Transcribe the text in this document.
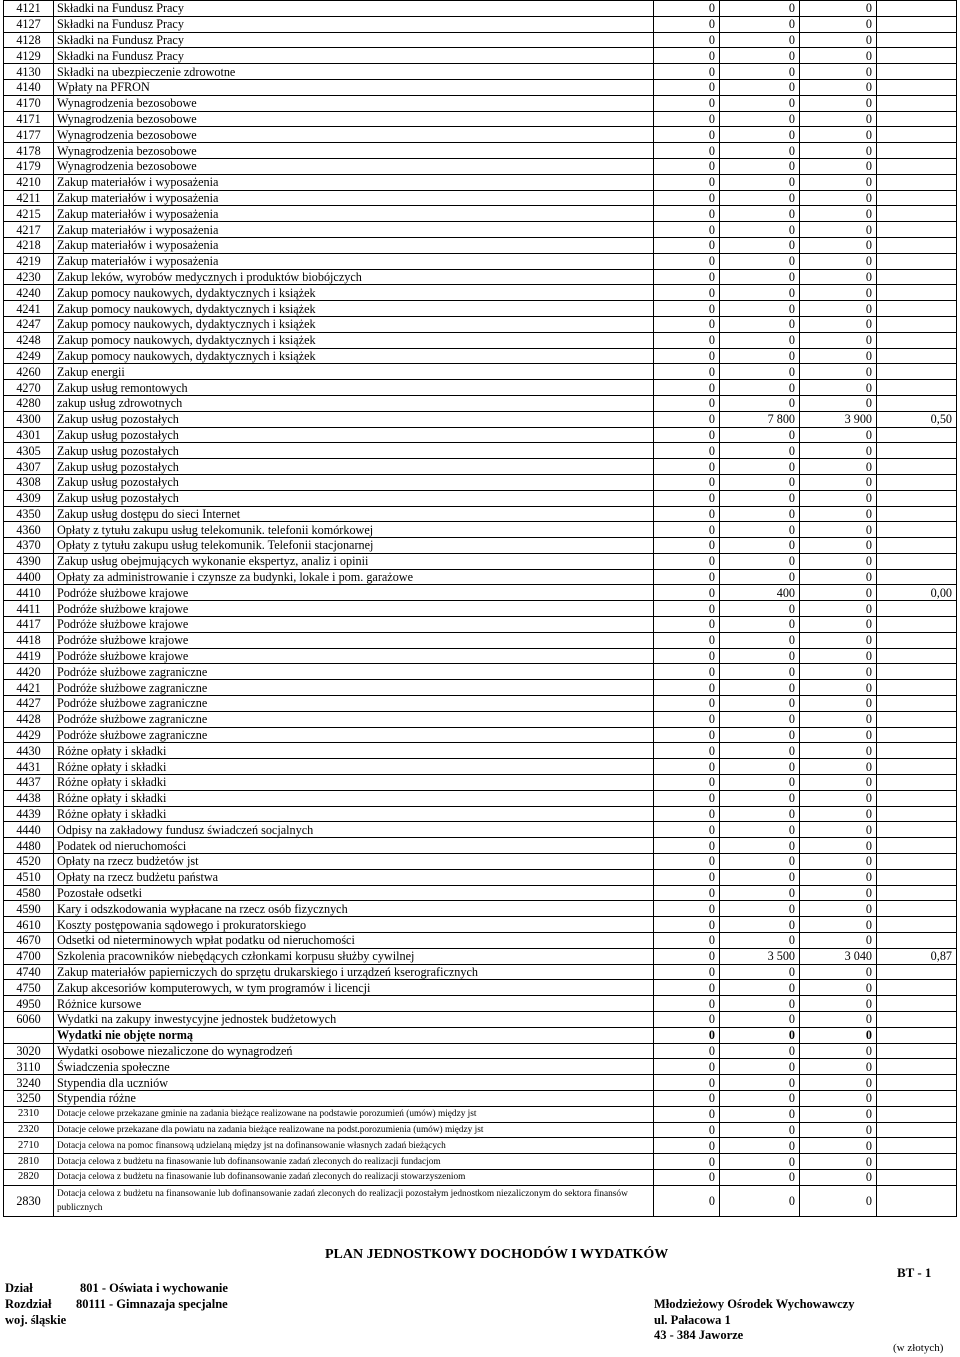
4121	Składki na Fundusz Pracy	0	0	0	
4127	Składki na Fundusz Pracy	0	0	0	
4128	Składki na Fundusz Pracy	0	0	0	
4129	Składki na Fundusz Pracy	0	0	0	
4130	Składki na ubezpieczenie zdrowotne	0	0	0	
4140	Wpłaty na PFRON	0	0	0	
4170	Wynagrodzenia bezosobowe	0	0	0	
4171	Wynagrodzenia bezosobowe	0	0	0	
4177	Wynagrodzenia bezosobowe	0	0	0	
4178	Wynagrodzenia bezosobowe	0	0	0	
4179	Wynagrodzenia bezosobowe	0	0	0	
4210	Zakup materiałów i wyposażenia	0	0	0	
4211	Zakup materiałów i wyposażenia	0	0	0	
4215	Zakup materiałów i wyposażenia	0	0	0	
4217	Zakup materiałów i wyposażenia	0	0	0	
4218	Zakup materiałów i wyposażenia	0	0	0	
4219	Zakup materiałów i wyposażenia	0	0	0	
4230	Zakup leków, wyrobów medycznych i produktów biobójczych	0	0	0	
4240	Zakup pomocy naukowych, dydaktycznych i książek	0	0	0	
4241	Zakup pomocy naukowych, dydaktycznych i książek	0	0	0	
4247	Zakup pomocy naukowych, dydaktycznych i książek	0	0	0	
4248	Zakup pomocy naukowych, dydaktycznych i książek	0	0	0	
4249	Zakup pomocy naukowych, dydaktycznych i książek	0	0	0	
4260	Zakup energii	0	0	0	
4270	Zakup usług remontowych	0	0	0	
4280	zakup usług zdrowotnych	0	0	0	
4300	Zakup usług pozostałych	0	7 800	3 900	0,50
4301	Zakup usług pozostałych	0	0	0	
4305	Zakup usług pozostałych	0	0	0	
4307	Zakup usług pozostałych	0	0	0	
4308	Zakup usług pozostałych	0	0	0	
4309	Zakup usług pozostałych	0	0	0	
4350	Zakup usług dostępu do sieci Internet	0	0	0	
4360	Opłaty z tytułu zakupu usług telekomunik. telefonii komórkowej	0	0	0	
4370	Opłaty z tytułu zakupu usług telekomunik. Telefonii stacjonarnej	0	0	0	
4390	Zakup usług obejmujących wykonanie ekspertyz, analiz i opinii	0	0	0	
4400	Opłaty za administrowanie i czynsze za budynki, lokale i pom. garażowe	0	0	0	
4410	Podróże służbowe krajowe	0	400	0	0,00
4411	Podróże służbowe krajowe	0	0	0	
4417	Podróże służbowe krajowe	0	0	0	
4418	Podróże służbowe krajowe	0	0	0	
4419	Podróże służbowe krajowe	0	0	0	
4420	Podróże służbowe zagraniczne	0	0	0	
4421	Podróże służbowe zagraniczne	0	0	0	
4427	Podróże służbowe zagraniczne	0	0	0	
4428	Podróże służbowe zagraniczne	0	0	0	
4429	Podróże służbowe zagraniczne	0	0	0	
4430	Różne opłaty i składki	0	0	0	
4431	Różne opłaty i składki	0	0	0	
4437	Różne opłaty i składki	0	0	0	
4438	Różne opłaty i składki	0	0	0	
4439	Różne opłaty i składki	0	0	0	
4440	Odpisy na zakładowy fundusz świadczeń socjalnych	0	0	0	
4480	Podatek od nieruchomości	0	0	0	
4520	Opłaty na rzecz budżetów jst	0	0	0	
4510	Opłaty na rzecz budżetu państwa	0	0	0	
4580	Pozostałe odsetki	0	0	0	
4590	Kary i odszkodowania wypłacane na rzecz osób fizycznych	0	0	0	
4610	Koszty postępowania sądowego i prokuratorskiego	0	0	0	
4670	Odsetki od nieterminowych wpłat podatku od nieruchomości	0	0	0	
4700	Szkolenia pracowników niebędących członkami korpusu służby cywilnej	0	3 500	3 040	0,87
4740	Zakup materiałów papierniczych do sprzętu drukarskiego i urządzeń kserograficznych	0	0	0	
4750	Zakup akcesoriów komputerowych, w tym programów i licencji	0	0	0	
4950	Różnice kursowe	0	0	0	
6060	Wydatki na zakupy inwestycyjne jednostek budżetowych	0	0	0	
	Wydatki nie objęte normą	0	0	0	
3020	Wydatki osobowe niezaliczone do wynagrodzeń	0	0	0	
3110	Świadczenia społeczne	0	0	0	
3240	Stypendia dla uczniów	0	0	0	
3250	Stypendia różne	0	0	0	
2310	Dotacje celowe przekazane gminie na zadania bieżące realizowane na podstawie porozumień (umów) między jst	0	0	0	
2320	Dotacje celowe przekazane dla powiatu na zadania bieżące realizowane na podst.porozumienia (umów) między jst	0	0	0	
2710	Dotacja celowa na pomoc finansową udzielaną między jst na dofinansowanie własnych zadań bieżących	0	0	0	
2810	Dotacja celowa z budżetu na finasowanie lub dofinansowanie zadań zleconych do realizacji fundacjom	0	0	0	
2820	Dotacja celowa z budżetu na finasowanie lub dofinansowanie zadań zleconych do realizacji stowarzyszeniom	0	0	0	
2830	Dotacja celowa z budżetu na finansowanie lub dofinansowanie zadań zleconych do realizacji pozostałym jednostkom niezaliczonym do sektora finansów publicznych	0	0	0	
PLAN JEDNOSTKOWY DOCHODÓW I WYDATKÓW
BT - 1
Dział	801 - Oświata i wychowanie
Rozdział 80111 - Gimnazaja specjalne
woj. śląskie
Młodzieżowy Ośrodek Wychowawczy
ul. Pałacowa 1
43 - 384 Jaworze
(w złotych)
